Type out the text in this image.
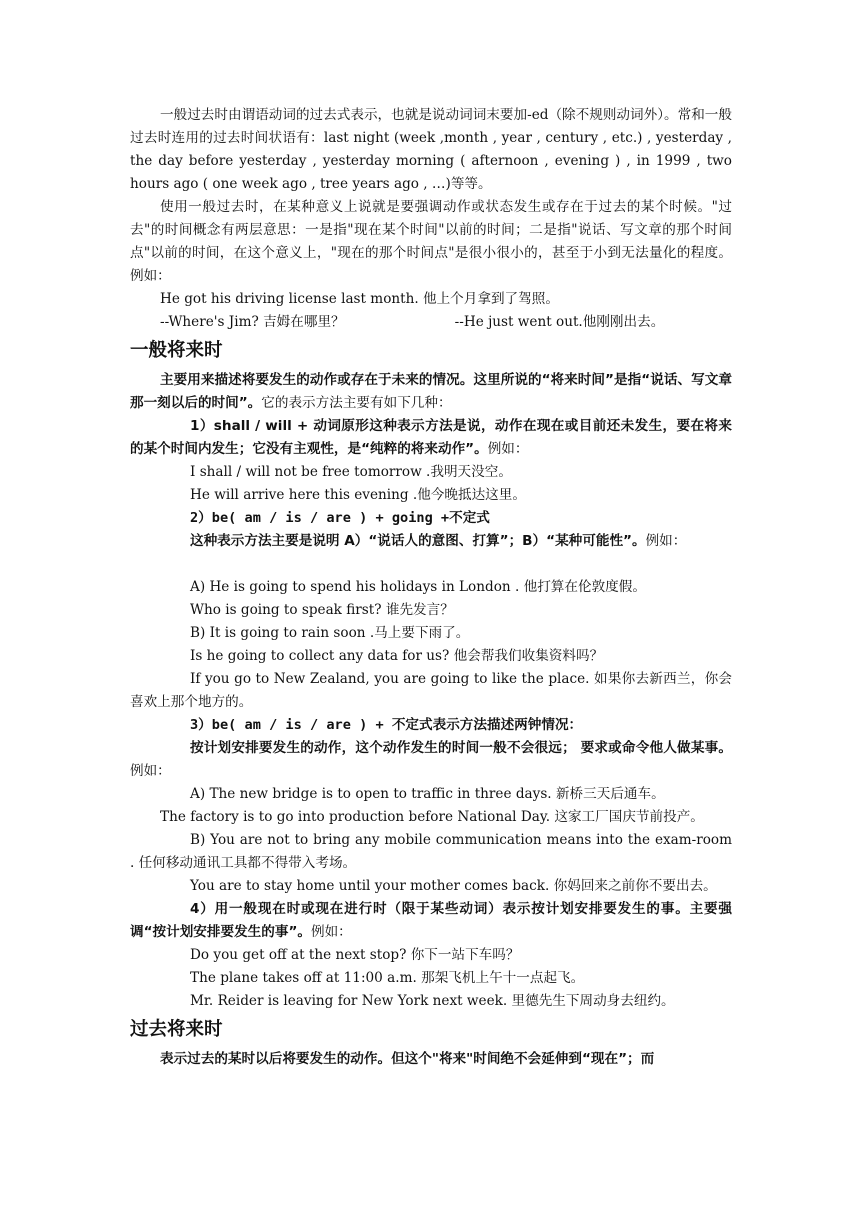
一般过去时由谓语动词的过去式表示，也就是说动词词末要加-ed（除不规则动词外）。常和一般过去时连用的过去时间状语有：last night (week ,month , year , century , etc.) , yesterday , the day before yesterday , yesterday morning ( afternoon , evening ) , in 1999 , two hours ago ( one week ago , tree years ago , …)等等。

使用一般过去时，在某种意义上说就是要强调动作或状态发生或存在于过去的某个时候。"过去"的时间概念有两层意思：一是指"现在某个时间"以前的时间；二是指"说话、写文章的那个时间点"以前的时间，在这个意义上，"现在的那个时间点"是很小很小的，甚至于小到无法量化的程度。例如：

He got his driving license last month. 他上个月拿到了驾照。

--Where's Jim? 吉姆在哪里？	--He just went out.他刚刚出去。

一般将来时

主要用来描述将要发生的动作或存在于未来的情况。这里所说的“将来时间”是指“说话、写文章那一刻以后的时间”。它的表示方法主要有如下几种：

1）shall / will + 动词原形这种表示方法是说，动作在现在或目前还未发生，要在将来的某个时间内发生；它没有主观性，是“纯粹的将来动作”。例如：

I shall / will not be free tomorrow .我明天没空。

He will arrive here this evening .他今晚抵达这里。

2）be( am / is / are ) + going +不定式

这种表示方法主要是说明 A）“说话人的意图、打算”；B）“某种可能性”。例如：

A) He is going to spend his holidays in London . 他打算在伦敦度假。

Who is going to speak first? 谁先发言？

B) It is going to rain soon .马上要下雨了。

Is he going to collect any data for us? 他会帮我们收集资料吗？

If you go to New Zealand, you are going to like the place. 如果你去新西兰，你会喜欢上那个地方的。

3）be( am / is / are ) + 不定式表示方法描述两钟情况：

按计划安排要发生的动作，这个动作发生的时间一般不会很远； 要求或命令他人做某事。例如：

A) The new bridge is to open to traffic in three days. 新桥三天后通车。

The factory is to go into production before National Day. 这家工厂国庆节前投产。

B) You are not to bring any mobile communication means into the exam-room . 任何移动通讯工具都不得带入考场。

You are to stay home until your mother comes back. 你妈回来之前你不要出去。

4）用一般现在时或现在进行时（限于某些动词）表示按计划安排要发生的事。主要强调“按计划安排要发生的事”。例如：

Do you get off at the next stop? 你下一站下车吗？

The plane takes off at 11:00 a.m. 那架飞机上午十一点起飞。

Mr. Reider is leaving for New York next week. 里德先生下周动身去纽约。

过去将来时

表示过去的某时以后将要发生的动作。但这个"将来"时间绝不会延伸到“现在”；而
